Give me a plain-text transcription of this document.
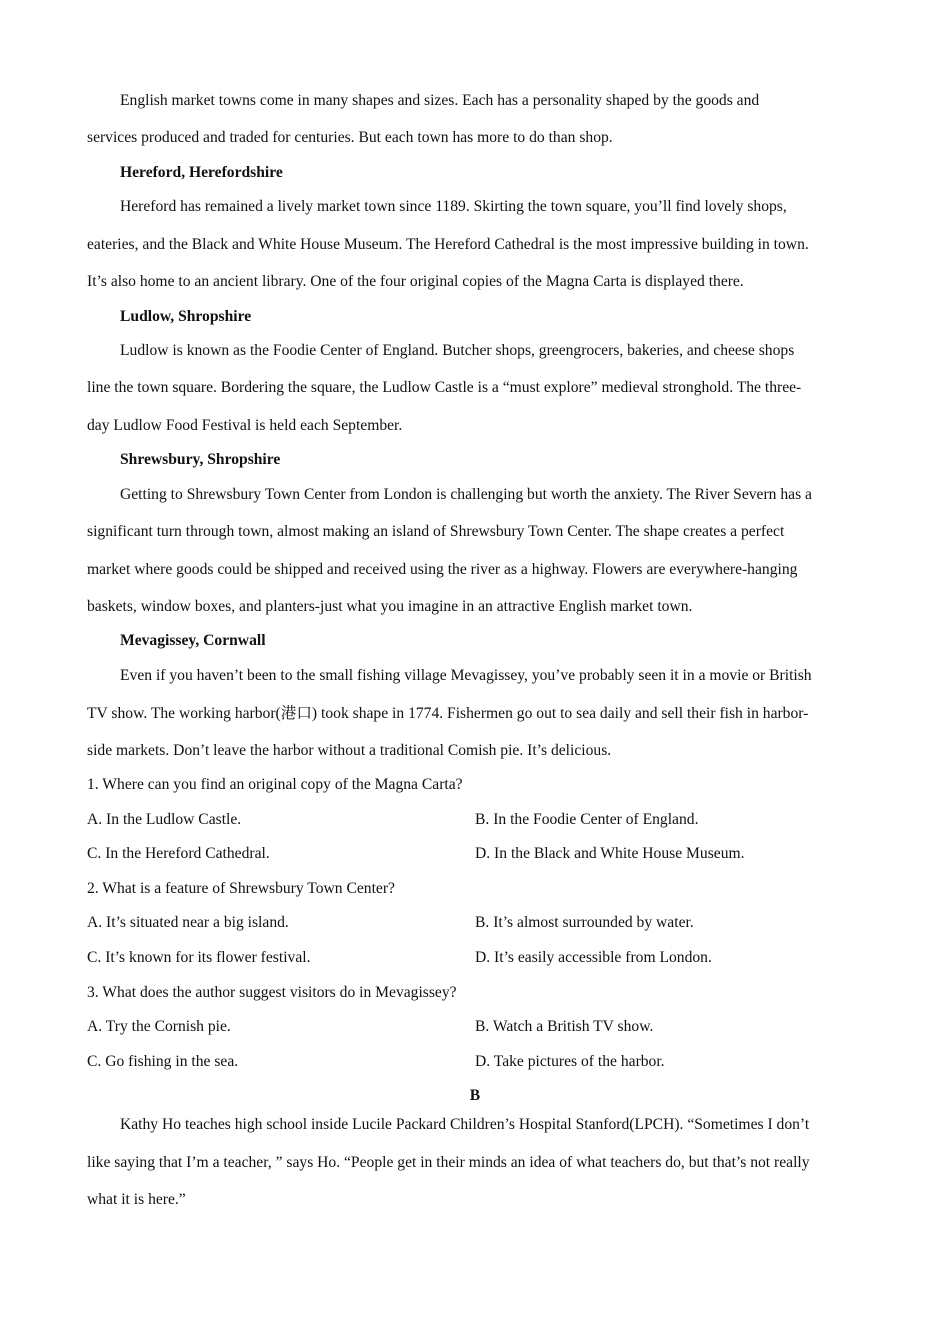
English market towns come in many shapes and sizes. Each has a personality shaped by the goods and
services produced and traded for centuries. But each town has more to do than shop.
Hereford, Herefordshire
Hereford has remained a lively market town since 1189. Skirting the town square, you’ll find lovely shops,
eateries, and the Black and White House Museum. The Hereford Cathedral is the most impressive building in town.
It’s also home to an ancient library. One of the four original copies of the Magna Carta is displayed there.
Ludlow, Shropshire
Ludlow is known as the Foodie Center of England. Butcher shops, greengrocers, bakeries, and cheese shops
line the town square. Bordering the square, the Ludlow Castle is a “must explore” medieval stronghold. The three-
day Ludlow Food Festival is held each September.
Shrewsbury, Shropshire
Getting to Shrewsbury Town Center from London is challenging but worth the anxiety. The River Severn has a
significant turn through town, almost making an island of Shrewsbury Town Center. The shape creates a perfect
market where goods could be shipped and received using the river as a highway. Flowers are everywhere-hanging
baskets, window boxes, and planters-just what you imagine in an attractive English market town.
Mevagissey, Cornwall
Even if you haven’t been to the small fishing village Mevagissey, you’ve probably seen it in a movie or British
TV show. The working harbor(港口) took shape in 1774. Fishermen go out to sea daily and sell their fish in harbor-
side markets. Don’t leave the harbor without a traditional Comish pie. It’s delicious.
1. Where can you find an original copy of the Magna Carta?
A. In the Ludlow Castle.	B. In the Foodie Center of England.
C. In the Hereford Cathedral.	D. In the Black and White House Museum.
2. What is a feature of Shrewsbury Town Center?
A. It’s situated near a big island.	B. It’s almost surrounded by water.
C. It’s known for its flower festival.	D. It’s easily accessible from London.
3. What does the author suggest visitors do in Mevagissey?
A. Try the Cornish pie.	B. Watch a British TV show.
C. Go fishing in the sea.	D. Take pictures of the harbor.
B
Kathy Ho teaches high school inside Lucile Packard Children’s Hospital Stanford(LPCH). “Sometimes I don’t
like saying that I’m a teacher, ” says Ho. “People get in their minds an idea of what teachers do, but that’s not really
what it is here.”
